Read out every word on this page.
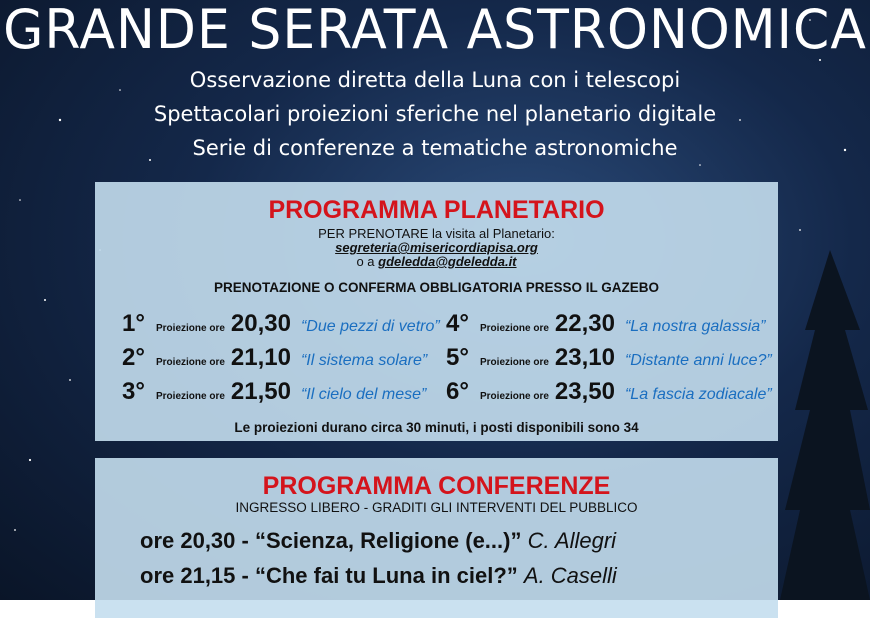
GRANDE SERATA ASTRONOMICA
Osservazione diretta della Luna con i telescopi
Spettacolari proiezioni sferiche nel planetario digitale
Serie di conferenze a tematiche astronomiche
PROGRAMMA PLANETARIO
PER PRENOTARE la visita al Planetario:
segreteria@misericordiapisa.org
o a gdeledda@gdeledda.it
PRENOTAZIONE O CONFERMA OBBLIGATORIA PRESSO IL GAZEBO
1°	Proiezione ore 20,30 “Due pezzi di vetro”
2°	Proiezione ore 21,10 “Il sistema solare”
3°	Proiezione ore 21,50 “Il cielo del mese”
4°	Proiezione ore 22,30 “La nostra galassia”
5°	Proiezione ore 23,10 “Distante anni luce?”
6°	Proiezione ore 23,50 “La fascia zodiacale”
Le proiezioni durano circa 30 minuti, i posti disponibili sono 34
PROGRAMMA CONFERENZE
INGRESSO LIBERO - GRADITI GLI INTERVENTI DEL PUBBLICO
ore 20,30 - “Scienza, Religione (e...)” C. Allegri
ore 21,15 - “Che fai tu Luna in ciel?” A. Caselli
